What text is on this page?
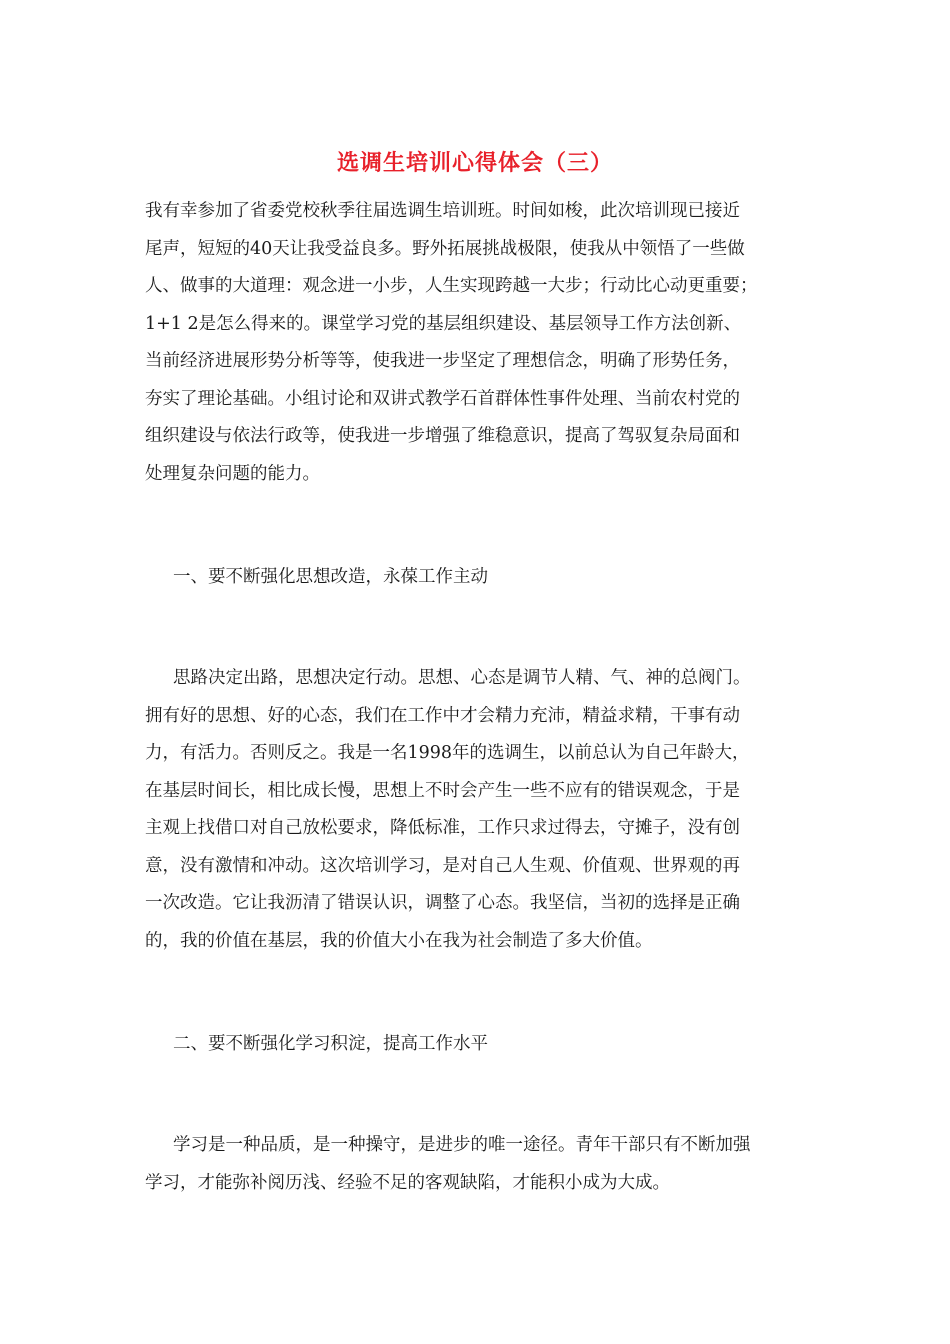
选调生培训心得体会（三）
我有幸参加了省委党校秋季往届选调生培训班。时间如梭，此次培训现已接近
尾声，短短的40天让我受益良多。野外拓展挑战极限，使我从中领悟了一些做
人、做事的大道理：观念进一小步，人生实现跨越一大步；行动比心动更重要；
1+1 2是怎么得来的。课堂学习党的基层组织建设、基层领导工作方法创新、
当前经济进展形势分析等等，使我进一步坚定了理想信念，明确了形势任务，
夯实了理论基础。小组讨论和双讲式教学石首群体性事件处理、当前农村党的
组织建设与依法行政等，使我进一步增强了维稳意识，提高了驾驭复杂局面和
处理复杂问题的能力。
一、要不断强化思想改造，永葆工作主动
思路决定出路，思想决定行动。思想、心态是调节人精、气、神的总阀门。
拥有好的思想、好的心态，我们在工作中才会精力充沛，精益求精，干事有动
力，有活力。否则反之。我是一名1998年的选调生，以前总认为自己年龄大，
在基层时间长，相比成长慢，思想上不时会产生一些不应有的错误观念，于是
主观上找借口对自己放松要求，降低标准，工作只求过得去，守摊子，没有创
意，没有激情和冲动。这次培训学习，是对自己人生观、价值观、世界观的再
一次改造。它让我沥清了错误认识，调整了心态。我坚信，当初的选择是正确
的，我的价值在基层，我的价值大小在我为社会制造了多大价值。
二、要不断强化学习积淀，提高工作水平
学习是一种品质，是一种操守，是进步的唯一途径。青年干部只有不断加强
学习，才能弥补阅历浅、经验不足的客观缺陷，才能积小成为大成。
